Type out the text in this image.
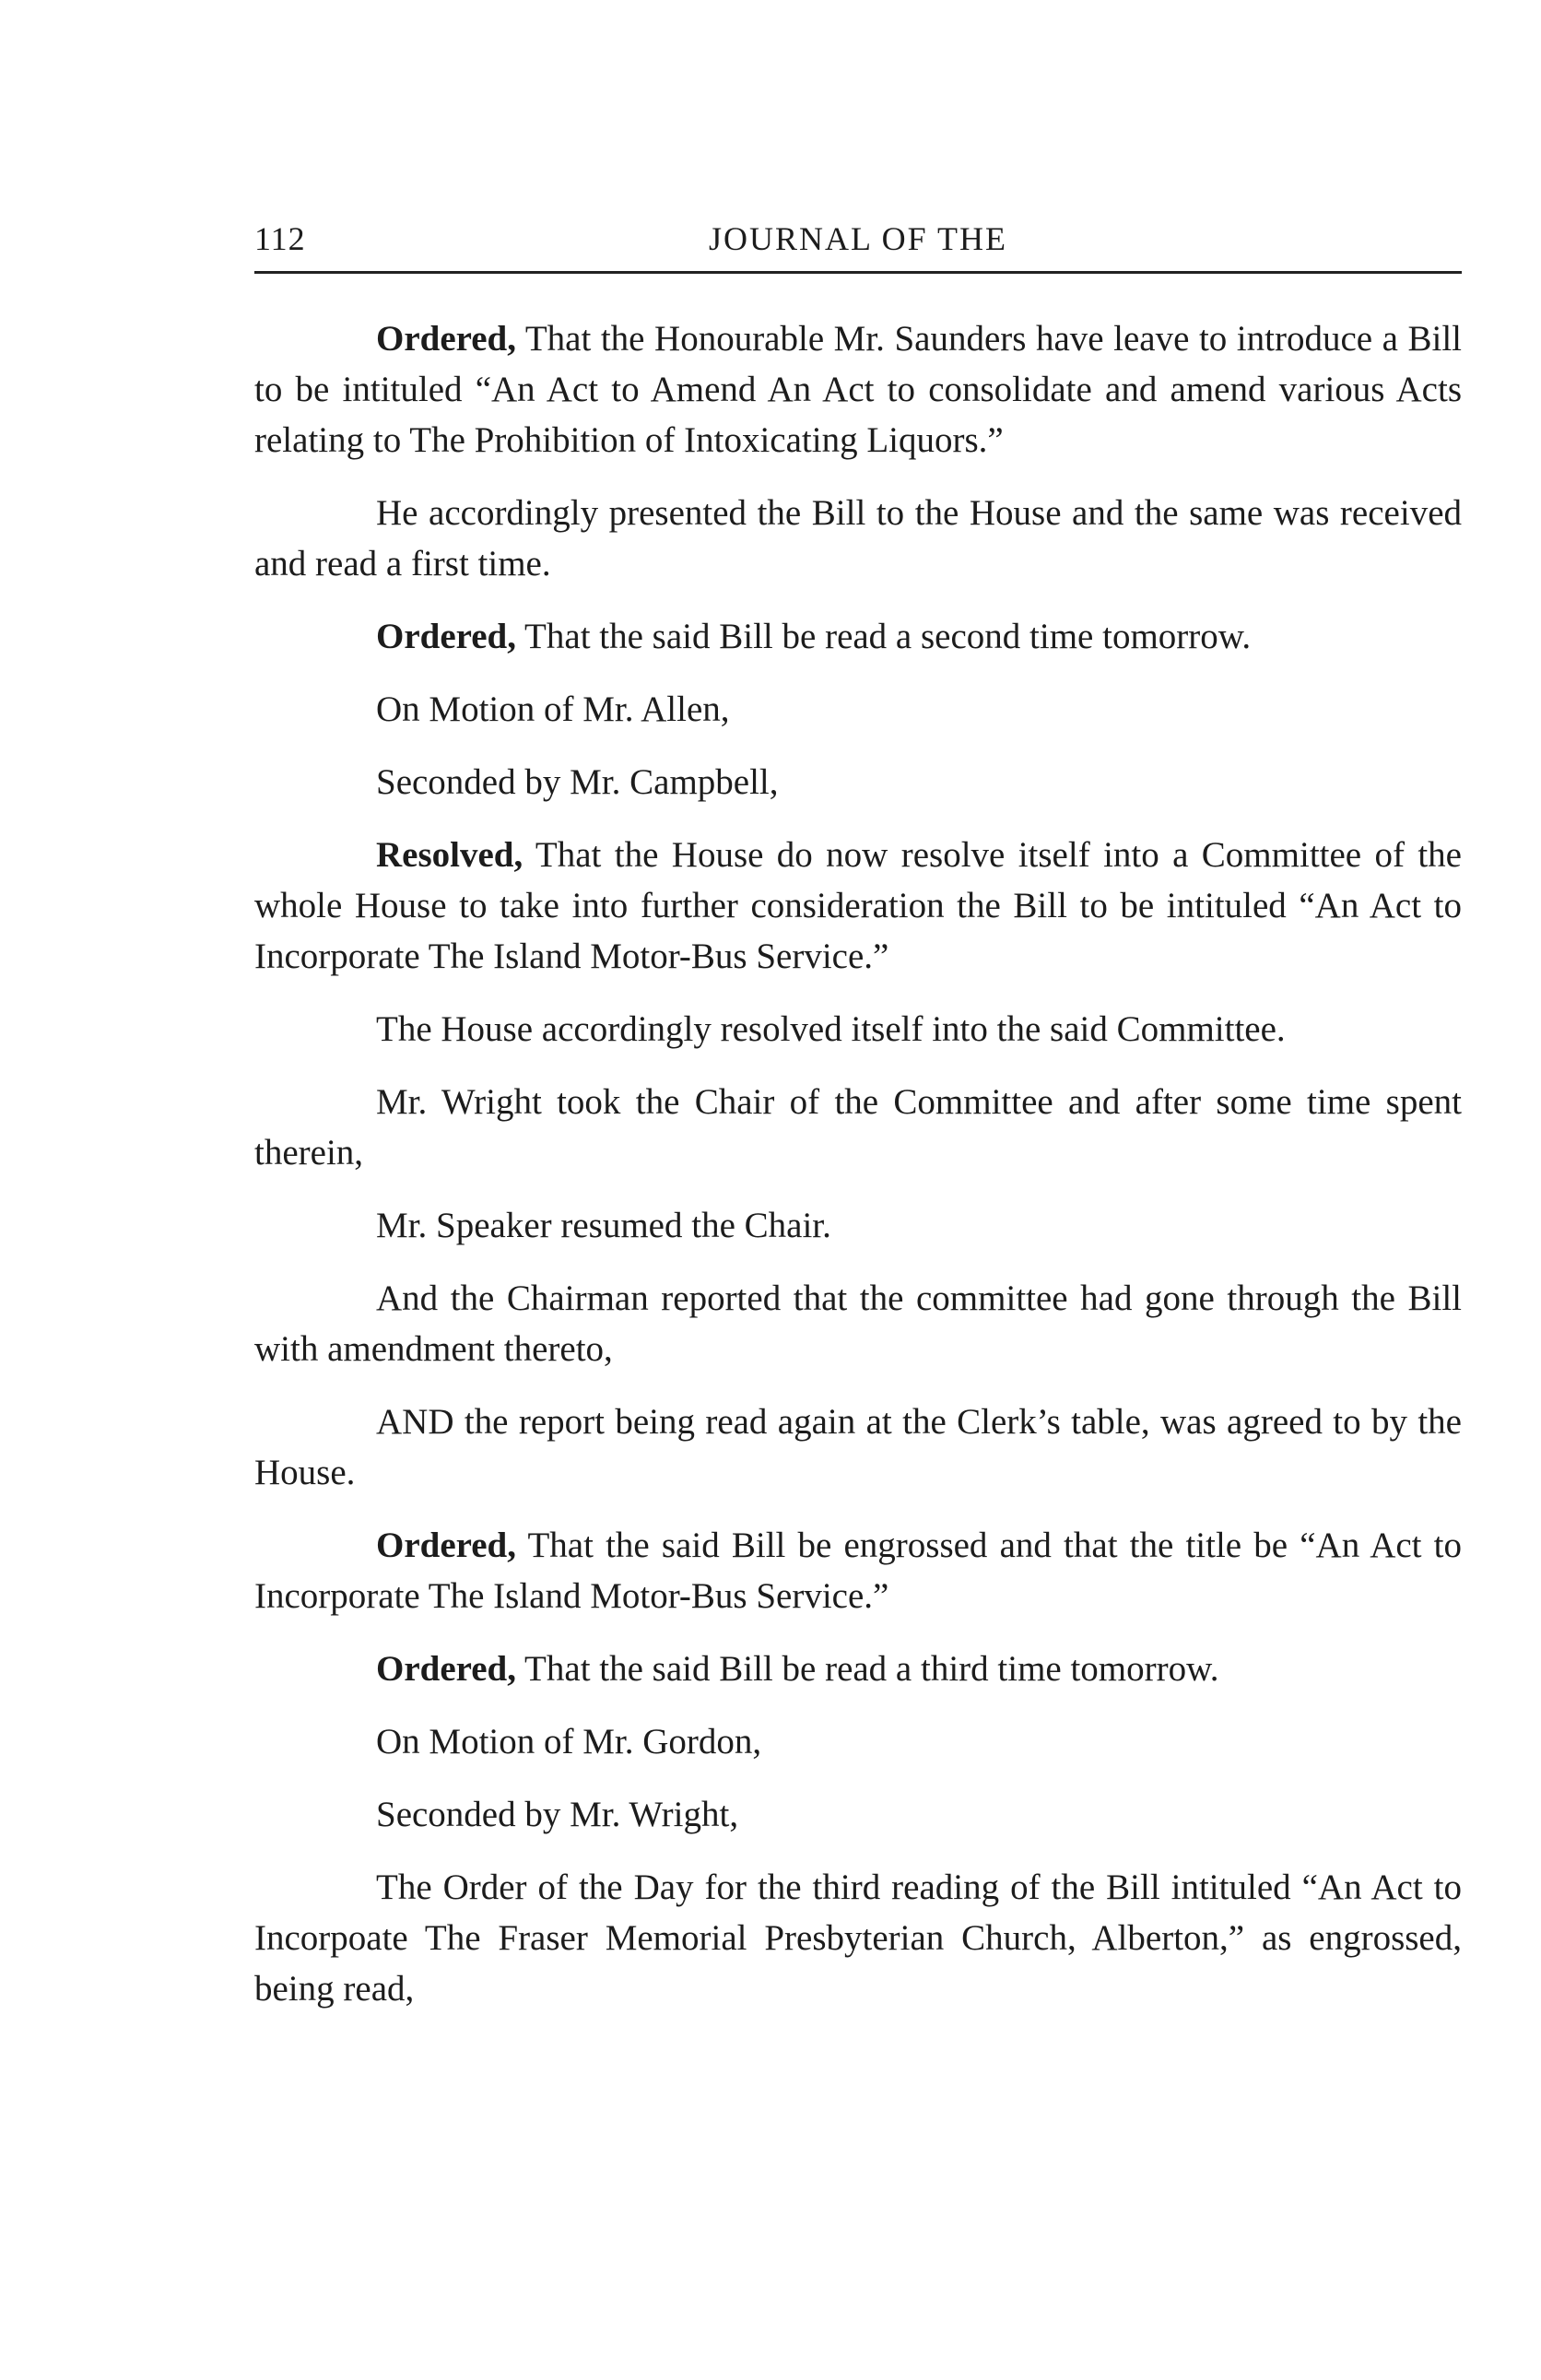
112	JOURNAL OF THE

Ordered, That the Honourable Mr. Saunders have leave to introduce a Bill to be intituled “An Act to Amend An Act to consolidate and amend various Acts relating to The Prohibition of Intoxicating Liquors.”

He accordingly presented the Bill to the House and the same was received and read a first time.

Ordered, That the said Bill be read a second time tomorrow.

On Motion of Mr. Allen,

Seconded by Mr. Campbell,

Resolved, That the House do now resolve itself into a Committee of the whole House to take into further consideration the Bill to be intituled “An Act to Incorporate The Island Motor-Bus Service.”

The House accordingly resolved itself into the said Committee.

Mr. Wright took the Chair of the Committee and after some time spent therein,

Mr. Speaker resumed the Chair.

And the Chairman reported that the committee had gone through the Bill with amendment thereto,

AND the report being read again at the Clerk’s table, was agreed to by the House.

Ordered, That the said Bill be engrossed and that the title be “An Act to Incorporate The Island Motor-Bus Service.”

Ordered, That the said Bill be read a third time tomorrow.

On Motion of Mr. Gordon,

Seconded by Mr. Wright,

The Order of the Day for the third reading of the Bill intituled “An Act to Incorpoate The Fraser Memorial Presbyterian Church, Alberton,” as engrossed, being read,
